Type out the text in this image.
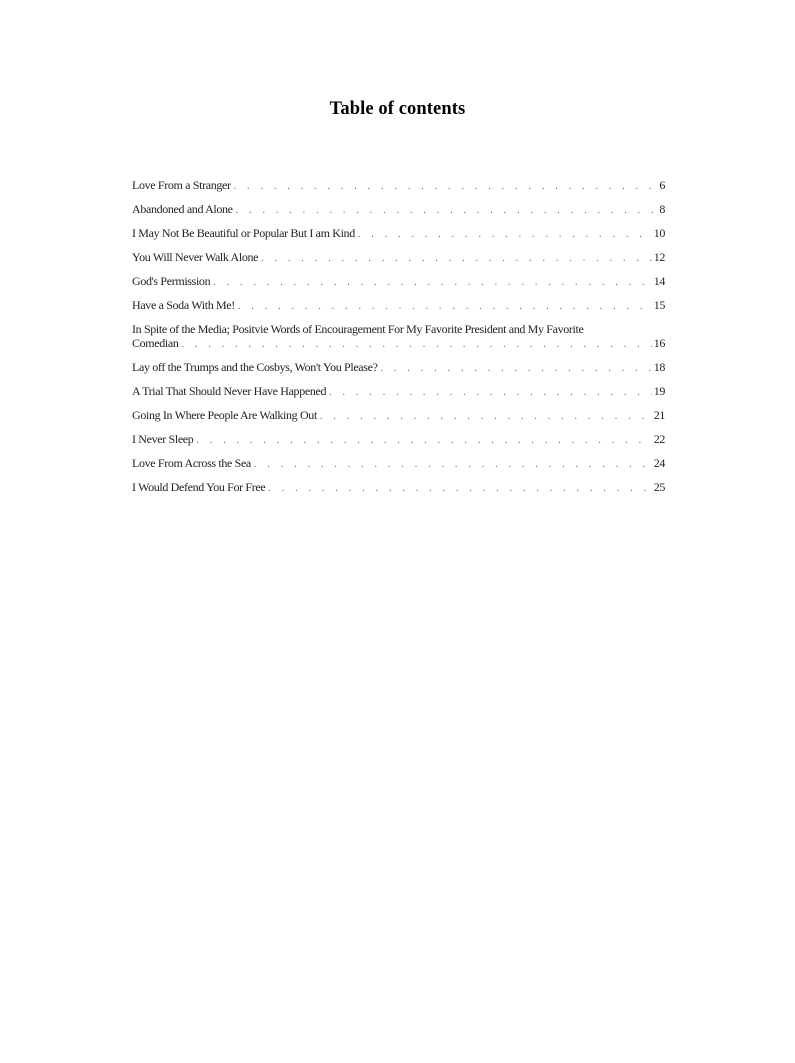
Table of contents
Love From a Stranger . . .	6
Abandoned and Alone . . .	8
I May Not Be Beautiful or Popular But I am Kind . . .	10
You Will Never Walk Alone . . .	12
God's Permission . . .	14
Have a Soda With Me! . . .	15
In Spite of the Media; Positvie Words of Encouragement For My Favorite President and My Favorite
Comedian . . .	16
Lay off the Trumps and the Cosbys, Won't You Please? . . .	18
A Trial That Should Never Have Happened . . .	19
Going In Where People Are Walking Out . . .	21
I Never Sleep . . .	22
Love From Across the Sea . . .	24
I Would Defend You For Free . . .	25
